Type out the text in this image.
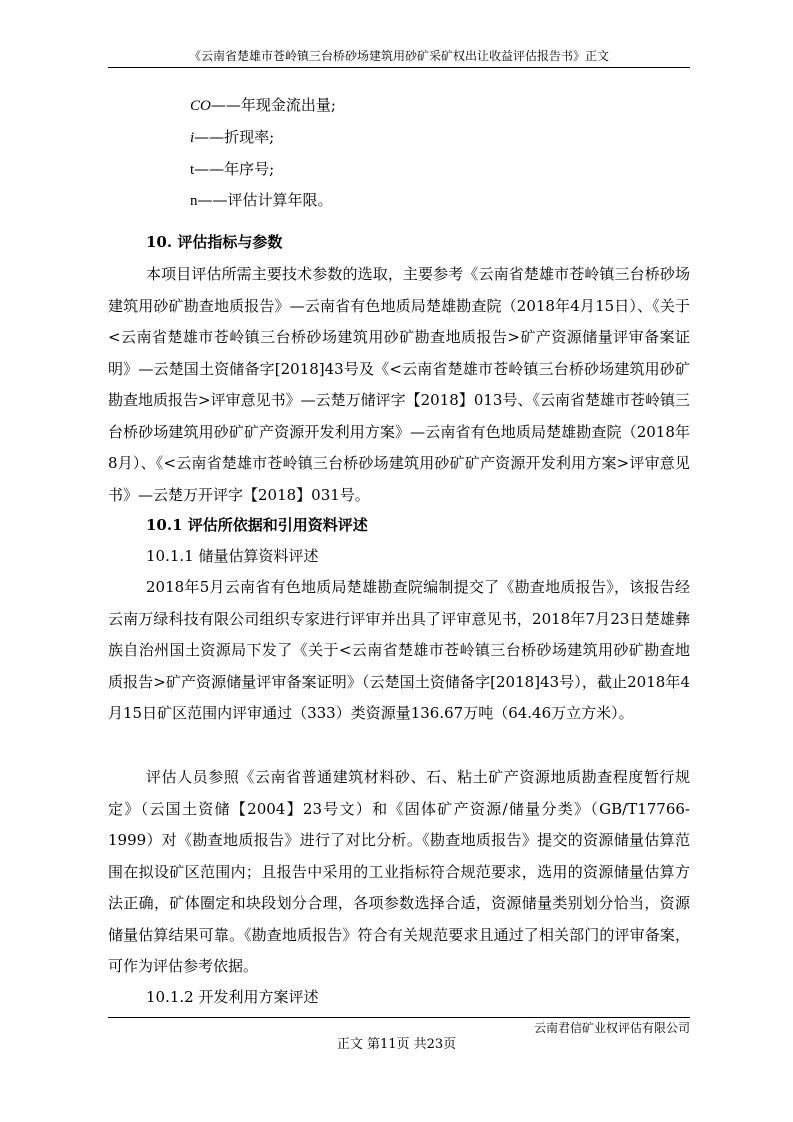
《云南省楚雄市苍岭镇三台桥砂场建筑用砂矿采矿权出让收益评估报告书》正文
CO——年现金流出量;
i——折现率;
t——年序号;
n——评估计算年限。
10. 评估指标与参数

本项目评估所需主要技术参数的选取，主要参考《云南省楚雄市苍岭镇三台桥砂场建筑用砂矿勘查地质报告》—云南省有色地质局楚雄勘查院（2018年4月15日）、《关于<云南省楚雄市苍岭镇三台桥砂场建筑用砂矿勘查地质报告>矿产资源储量评审备案证明》—云楚国土资储备字[2018]43号及《<云南省楚雄市苍岭镇三台桥砂场建筑用砂矿勘查地质报告>评审意见书》—云楚万储评字【2018】013号、《云南省楚雄市苍岭镇三台桥砂场建筑用砂矿矿产资源开发利用方案》—云南省有色地质局楚雄勘查院（2018年8月）、《<云南省楚雄市苍岭镇三台桥砂场建筑用砂矿矿产资源开发利用方案>评审意见书》—云楚万开评字【2018】031号。

10.1 评估所依据和引用资料评述
10.1.1 储量估算资料评述

2018年5月云南省有色地质局楚雄勘查院编制提交了《勘查地质报告》，该报告经云南万绿科技有限公司组织专家进行评审并出具了评审意见书，2018年7月23日楚雄彝族自治州国土资源局下发了《关于<云南省楚雄市苍岭镇三台桥砂场建筑用砂矿勘查地质报告>矿产资源储量评审备案证明》（云楚国土资储备字[2018]43号），截止2018年4月15日矿区范围内评审通过（333）类资源量136.67万吨（64.46万立方米）。

评估人员参照《云南省普通建筑材料砂、石、粘土矿产资源地质勘查程度暂行规定》（云国土资储【2004】23号文）和《固体矿产资源/储量分类》（GB/T17766-1999）对《勘查地质报告》进行了对比分析。《勘查地质报告》提交的资源储量估算范围在拟设矿区范围内；且报告中采用的工业指标符合规范要求，选用的资源储量估算方法正确，矿体圈定和块段划分合理，各项参数选择合适，资源储量类别划分恰当，资源储量估算结果可靠。《勘查地质报告》符合有关规范要求且通过了相关部门的评审备案，可作为评估参考依据。

10.1.2 开发利用方案评述
云南君信矿业权评估有限公司
正文 第11页 共23页
